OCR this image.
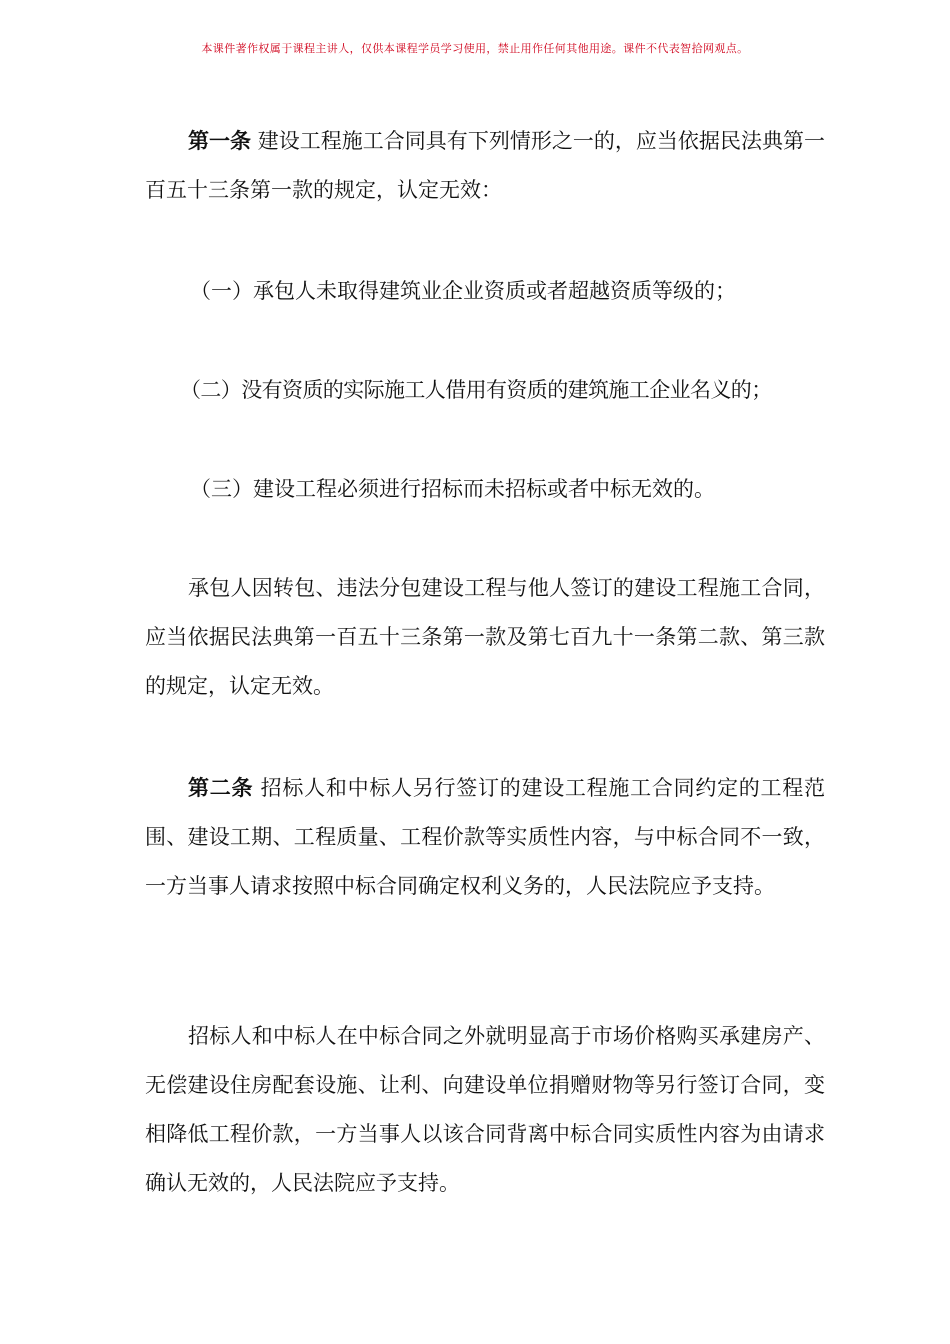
本课件著作权属于课程主讲人，仅供本课程学员学习使用，禁止用作任何其他用途。课件不代表智拾网观点。

第一条 建设工程施工合同具有下列情形之一的，应当依据民法典第一百五十三条第一款的规定，认定无效：

（一）承包人未取得建筑业企业资质或者超越资质等级的；

（二）没有资质的实际施工人借用有资质的建筑施工企业名义的；

（三）建设工程必须进行招标而未招标或者中标无效的。

承包人因转包、违法分包建设工程与他人签订的建设工程施工合同，应当依据民法典第一百五十三条第一款及第七百九十一条第二款、第三款的规定，认定无效。

第二条 招标人和中标人另行签订的建设工程施工合同约定的工程范围、建设工期、工程质量、工程价款等实质性内容，与中标合同不一致，一方当事人请求按照中标合同确定权利义务的，人民法院应予支持。

招标人和中标人在中标合同之外就明显高于市场价格购买承建房产、无偿建设住房配套设施、让利、向建设单位捐赠财物等另行签订合同，变相降低工程价款，一方当事人以该合同背离中标合同实质性内容为由请求确认无效的，人民法院应予支持。
